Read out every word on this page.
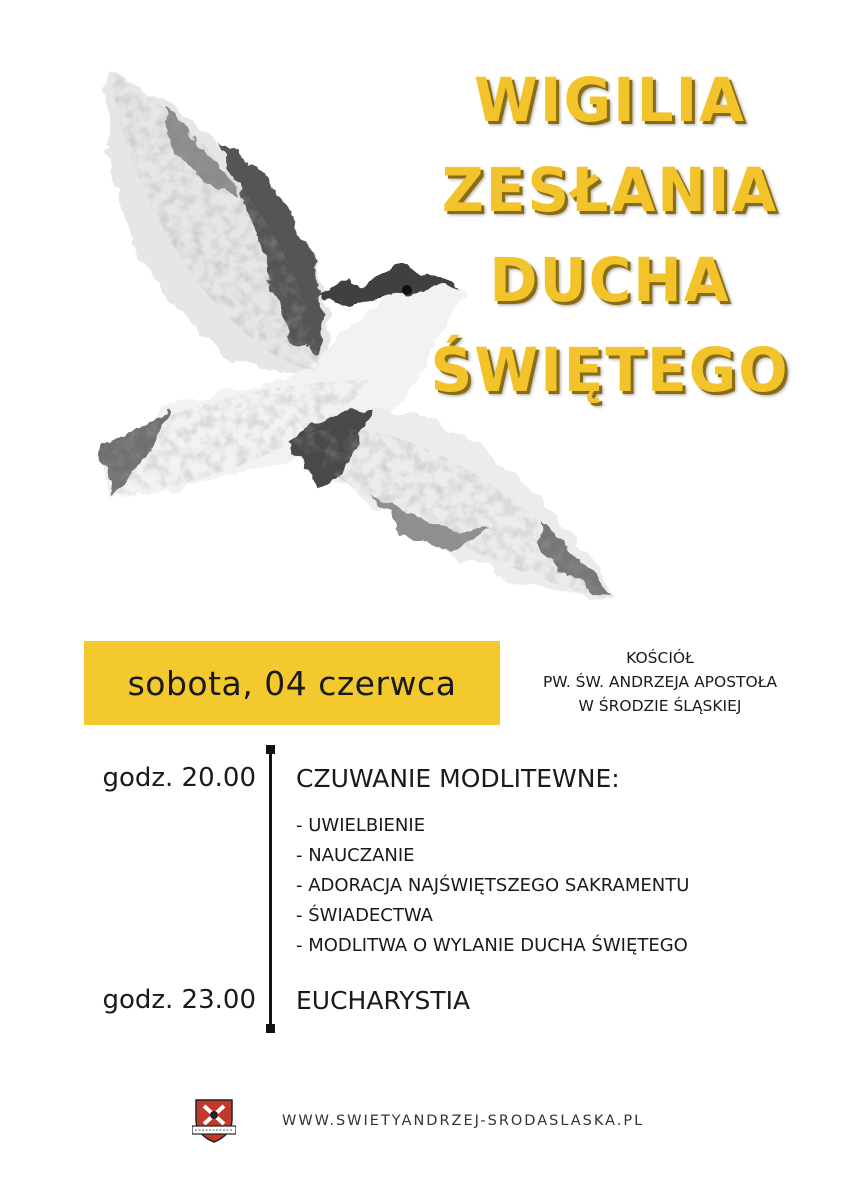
WIGILIA
ZESŁANIA
DUCHA
ŚWIĘTEGO
sobota, 04 czerwca
KOŚCIÓŁ
PW. ŚW. ANDRZEJA APOSTOŁA
W ŚRODZIE ŚLĄSKIEJ
godz. 20.00 CZUWANIE MODLITEWNE:
- UWIELBIENIE
- NAUCZANIE
- ADORACJA NAJŚWIĘTSZEGO SAKRAMENTU
- ŚWIADECTWA
- MODLITWA O WYLANIE DUCHA ŚWIĘTEGO
godz. 23.00 EUCHARYSTIA
WWW.SWIETYANDRZEJ-SRODASLASKA.PL
